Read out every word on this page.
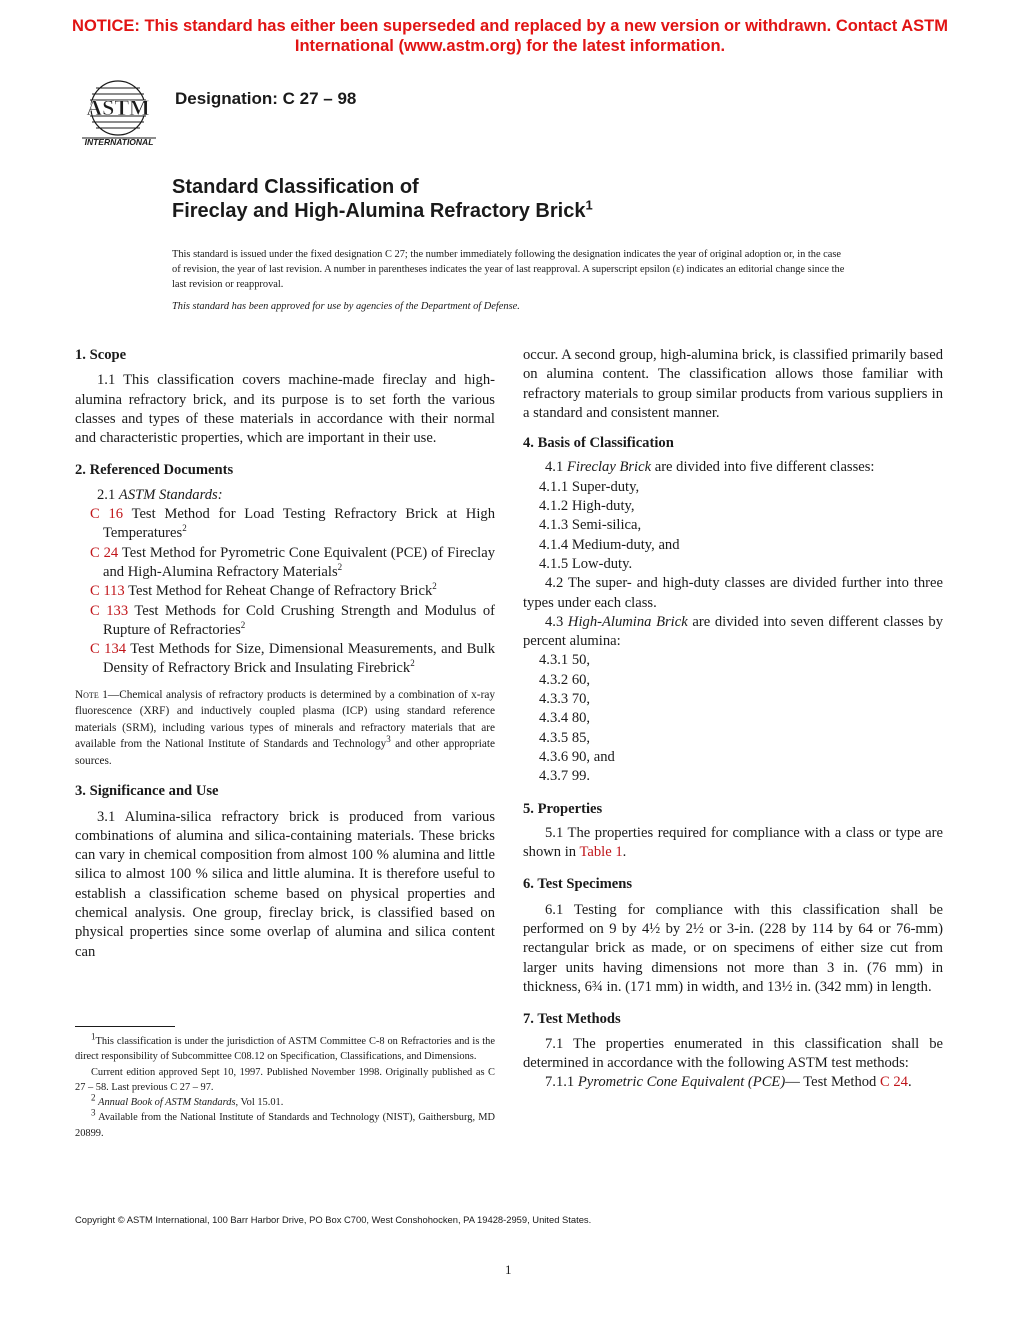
NOTICE: This standard has either been superseded and replaced by a new version or withdrawn. Contact ASTM International (www.astm.org) for the latest information.
ASTM
INTERNATIONAL
Designation: C 27 – 98
Standard Classification of
Fireclay and High-Alumina Refractory Brick$^1$
This standard is issued under the fixed designation C 27; the number immediately following the designation indicates the year of original adoption or, in the case of revision, the year of last revision. A number in parentheses indicates the year of last reapproval. A superscript epsilon (ε) indicates an editorial change since the last revision or reapproval.
This standard has been approved for use by agencies of the Department of Defense.

1. Scope

1.1 This classification covers machine-made fireclay and high-alumina refractory brick, and its purpose is to set forth the various classes and types of these materials in accordance with their normal and characteristic properties, which are important in their use.

2. Referenced Documents

2.1 ASTM Standards:

C 16 Test Method for Load Testing Refractory Brick at High Temperatures$^2$

C 24 Test Method for Pyrometric Cone Equivalent (PCE) of Fireclay and High-Alumina Refractory Materials$^2$

C 113 Test Method for Reheat Change of Refractory Brick$^2$

C 133 Test Methods for Cold Crushing Strength and Modulus of Rupture of Refractories$^2$

C 134 Test Methods for Size, Dimensional Measurements, and Bulk Density of Refractory Brick and Insulating Firebrick$^2$

Note 1—Chemical analysis of refractory products is determined by a combination of x-ray fluorescence (XRF) and inductively coupled plasma (ICP) using standard reference materials (SRM), including various types of minerals and refractory materials that are available from the National Institute of Standards and Technology$^3$ and other appropriate sources.

3. Significance and Use

3.1 Alumina-silica refractory brick is produced from various combinations of alumina and silica-containing materials. These bricks can vary in chemical composition from almost 100 % alumina and little silica to almost 100 % silica and little alumina. It is therefore useful to establish a classification scheme based on physical properties and chemical analysis. One group, fireclay brick, is classified based on physical properties since some overlap of alumina and silica content can

$^1$This classification is under the jurisdiction of ASTM Committee C-8 on Refractories and is the direct responsibility of Subcommittee C08.12 on Specification, Classifications, and Dimensions.

Current edition approved Sept 10, 1997. Published November 1998. Originally published as C 27 – 58. Last previous C 27 – 97.

$^2$ Annual Book of ASTM Standards, Vol 15.01.

$^3$ Available from the National Institute of Standards and Technology (NIST), Gaithersburg, MD 20899.

occur. A second group, high-alumina brick, is classified primarily based on alumina content. The classification allows those familiar with refractory materials to group similar products from various suppliers in a standard and consistent manner.

4. Basis of Classification

4.1 Fireclay Brick are divided into five different classes:

4.1.1 Super-duty,

4.1.2 High-duty,

4.1.3 Semi-silica,

4.1.4 Medium-duty, and

4.1.5 Low-duty.

4.2 The super- and high-duty classes are divided further into three types under each class.

4.3 High-Alumina Brick are divided into seven different classes by percent alumina:

4.3.1 50,

4.3.2 60,

4.3.3 70,

4.3.4 80,

4.3.5 85,

4.3.6 90, and

4.3.7 99.

5. Properties

5.1 The properties required for compliance with a class or type are shown in Table 1.

6. Test Specimens

6.1 Testing for compliance with this classification shall be performed on 9 by 4½ by 2½ or 3-in. (228 by 114 by 64 or 76-mm) rectangular brick as made, or on specimens of either size cut from larger units having dimensions not more than 3 in. (76 mm) in thickness, 6¾ in. (171 mm) in width, and 13½ in. (342 mm) in length.

7. Test Methods

7.1 The properties enumerated in this classification shall be determined in accordance with the following ASTM test methods:

7.1.1 Pyrometric Cone Equivalent (PCE)— Test Method C 24.

Copyright © ASTM International, 100 Barr Harbor Drive, PO Box C700, West Conshohocken, PA 19428-2959, United States.
1
